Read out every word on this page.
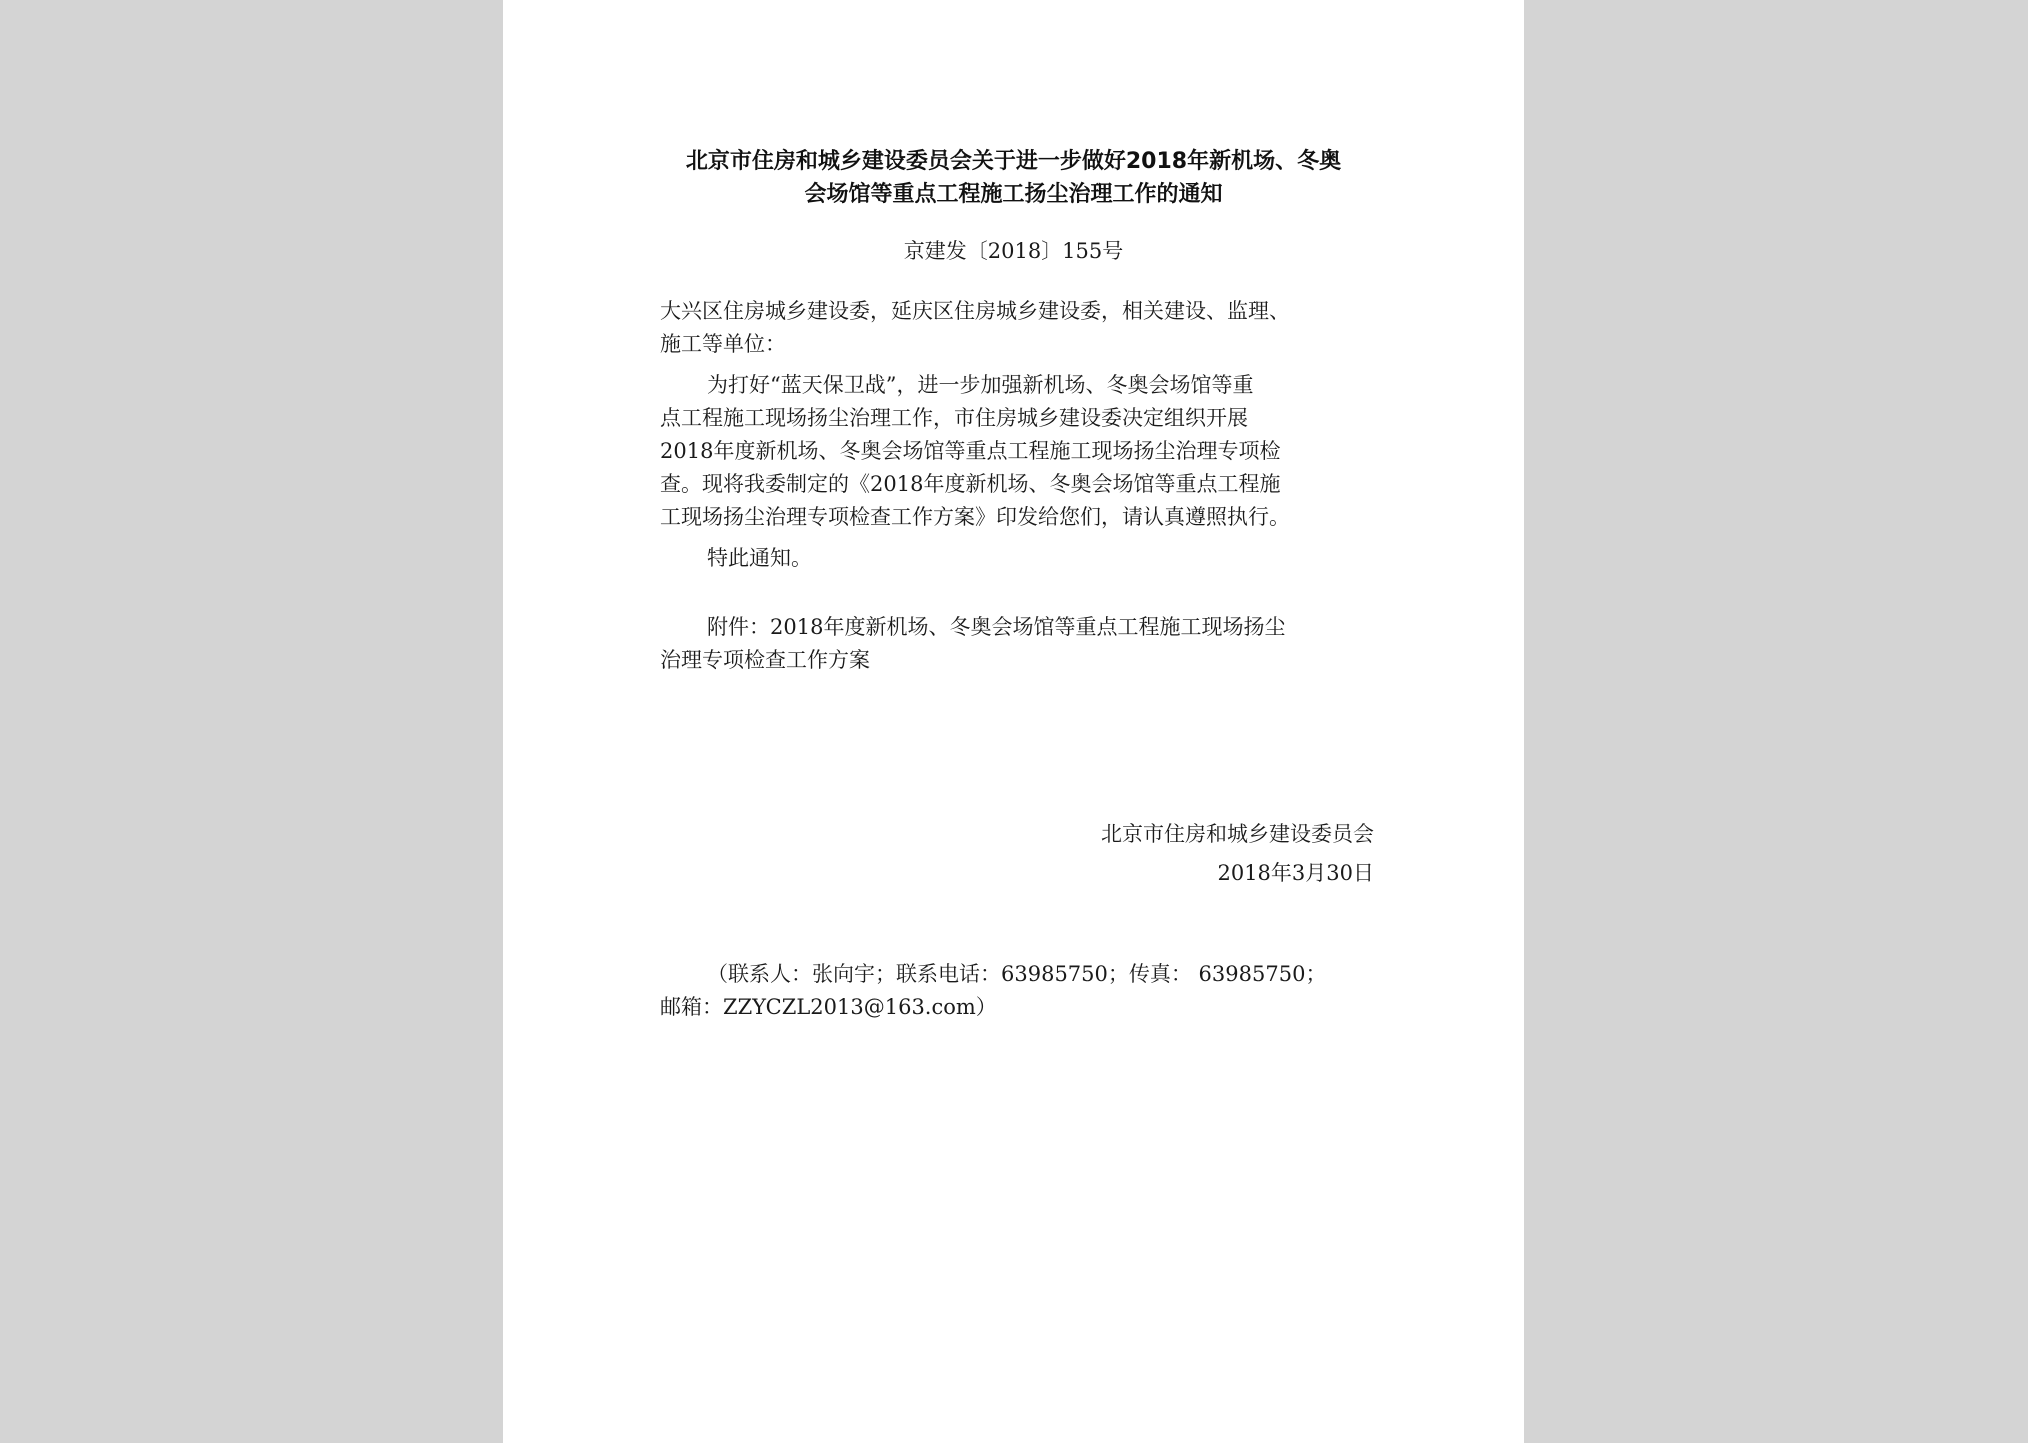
北京市住房和城乡建设委员会关于进一步做好2018年新机场、冬奥
会场馆等重点工程施工扬尘治理工作的通知
京建发〔2018〕155号
大兴区住房城乡建设委，延庆区住房城乡建设委，相关建设、监理、
施工等单位：
为打好“蓝天保卫战”，进一步加强新机场、冬奥会场馆等重
点工程施工现场扬尘治理工作，市住房城乡建设委决定组织开展
2018年度新机场、冬奥会场馆等重点工程施工现场扬尘治理专项检
查。现将我委制定的《2018年度新机场、冬奥会场馆等重点工程施
工现场扬尘治理专项检查工作方案》印发给您们，请认真遵照执行。
特此通知。
附件：2018年度新机场、冬奥会场馆等重点工程施工现场扬尘
治理专项检查工作方案
北京市住房和城乡建设委员会
2018年3月30日
（联系人：张向宇；联系电话：63985750；传真： 63985750；
邮箱：ZZYCZL2013@163.com）
